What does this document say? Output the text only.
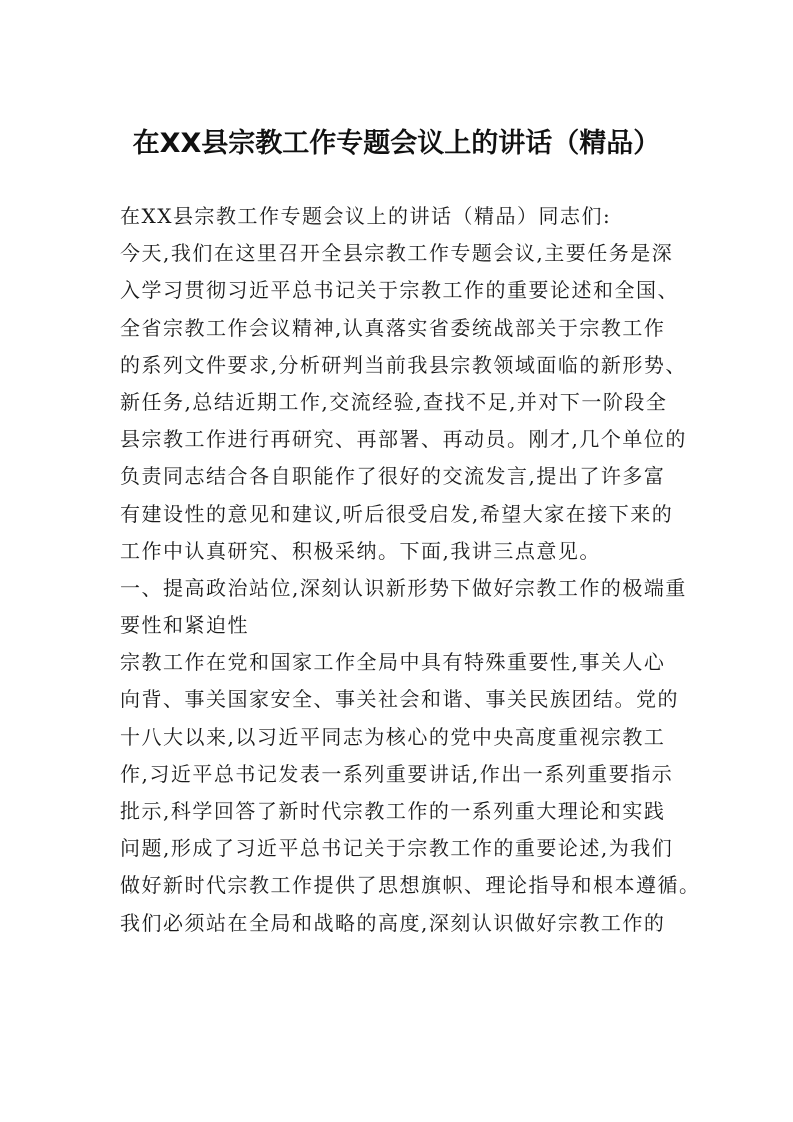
在XX县宗教工作专题会议上的讲话（精品）
在XX县宗教工作专题会议上的讲话（精品）同志们:
今天,我们在这里召开全县宗教工作专题会议,主要任务是深
入学习贯彻习近平总书记关于宗教工作的重要论述和全国、
全省宗教工作会议精神,认真落实省委统战部关于宗教工作
的系列文件要求,分析研判当前我县宗教领域面临的新形势、
新任务,总结近期工作,交流经验,查找不足,并对下一阶段全
县宗教工作进行再研究、再部署、再动员。刚才,几个单位的
负责同志结合各自职能作了很好的交流发言,提出了许多富
有建设性的意见和建议,听后很受启发,希望大家在接下来的
工作中认真研究、积极采纳。下面,我讲三点意见。
一、提高政治站位,深刻认识新形势下做好宗教工作的极端重
要性和紧迫性
宗教工作在党和国家工作全局中具有特殊重要性,事关人心
向背、事关国家安全、事关社会和谐、事关民族团结。党的
十八大以来,以习近平同志为核心的党中央高度重视宗教工
作,习近平总书记发表一系列重要讲话,作出一系列重要指示
批示,科学回答了新时代宗教工作的一系列重大理论和实践
问题,形成了习近平总书记关于宗教工作的重要论述,为我们
做好新时代宗教工作提供了思想旗帜、理论指导和根本遵循。
我们必须站在全局和战略的高度,深刻认识做好宗教工作的
